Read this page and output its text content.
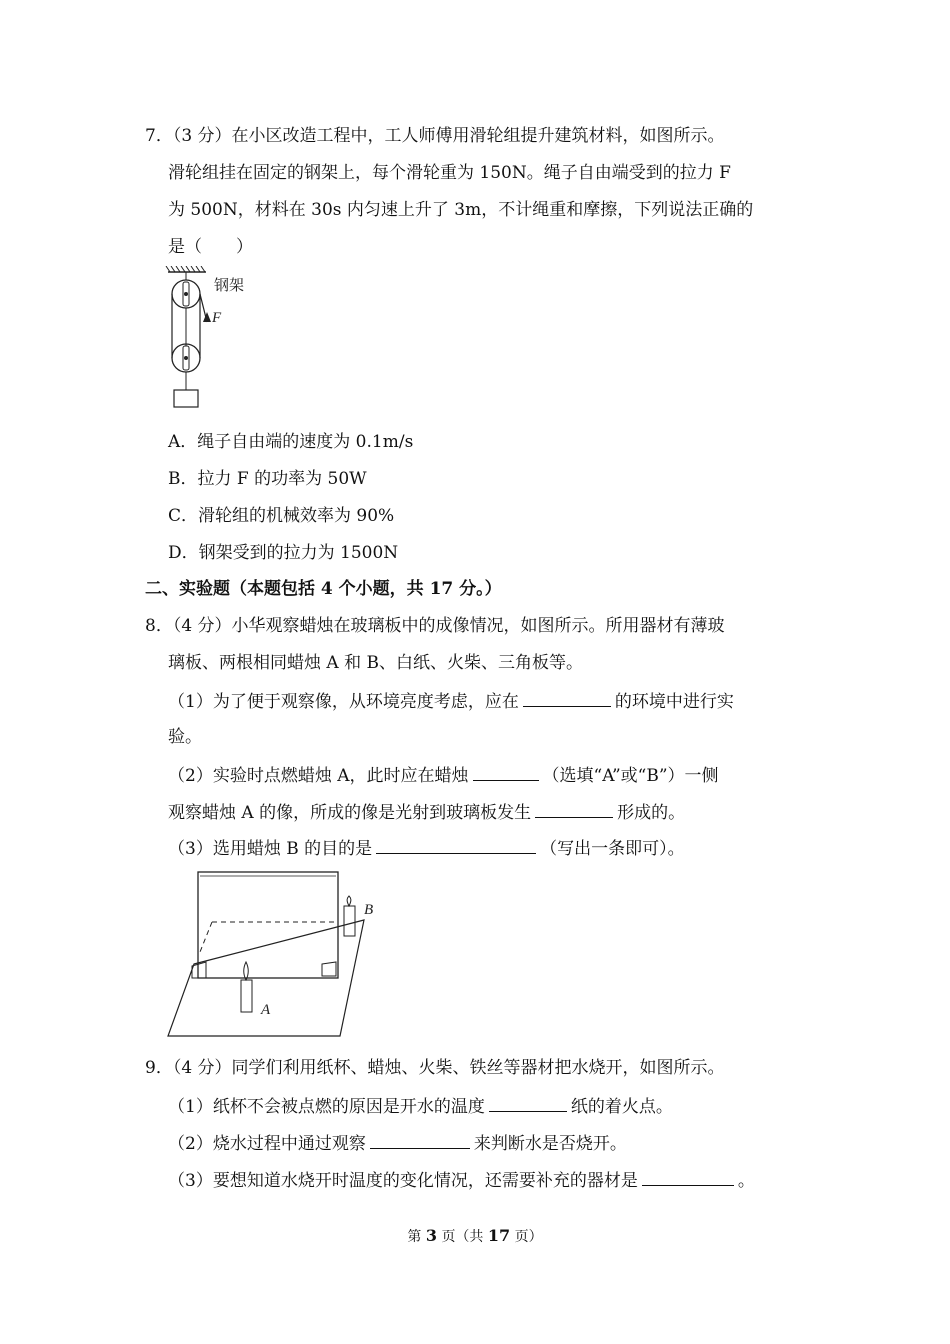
7．（3 分）在小区改造工程中，工人师傅用滑轮组提升建筑材料，如图所示。
滑轮组挂在固定的钢架上，每个滑轮重为 150N。绳子自由端受到的拉力 F
为 500N，材料在 30s 内匀速上升了 3m，不计绳重和摩擦，下列说法正确的
是（　　）
钢架
F
A．绳子自由端的速度为 0.1m/s
B．拉力 F 的功率为 50W
C．滑轮组的机械效率为 90%
D．钢架受到的拉力为 1500N
二、实验题（本题包括 4 个小题，共 17 分。）
8．（4 分）小华观察蜡烛在玻璃板中的成像情况，如图所示。所用器材有薄玻
璃板、两根相同蜡烛 A 和 B、白纸、火柴、三角板等。
（1）为了便于观察像，从环境亮度考虑，应在	的环境中进行实
验。
（2）实验时点燃蜡烛 A，此时应在蜡烛	（选填“A”或“B”）一侧
观察蜡烛 A 的像，所成的像是光射到玻璃板发生	形成的。
（3）选用蜡烛 B 的目的是	（写出一条即可）。
A
B
9．（4 分）同学们利用纸杯、蜡烛、火柴、铁丝等器材把水烧开，如图所示。
（1）纸杯不会被点燃的原因是开水的温度	纸的着火点。
（2）烧水过程中通过观察	来判断水是否烧开。
（3）要想知道水烧开时温度的变化情况，还需要补充的器材是	。
第 3 页（共 17 页）
